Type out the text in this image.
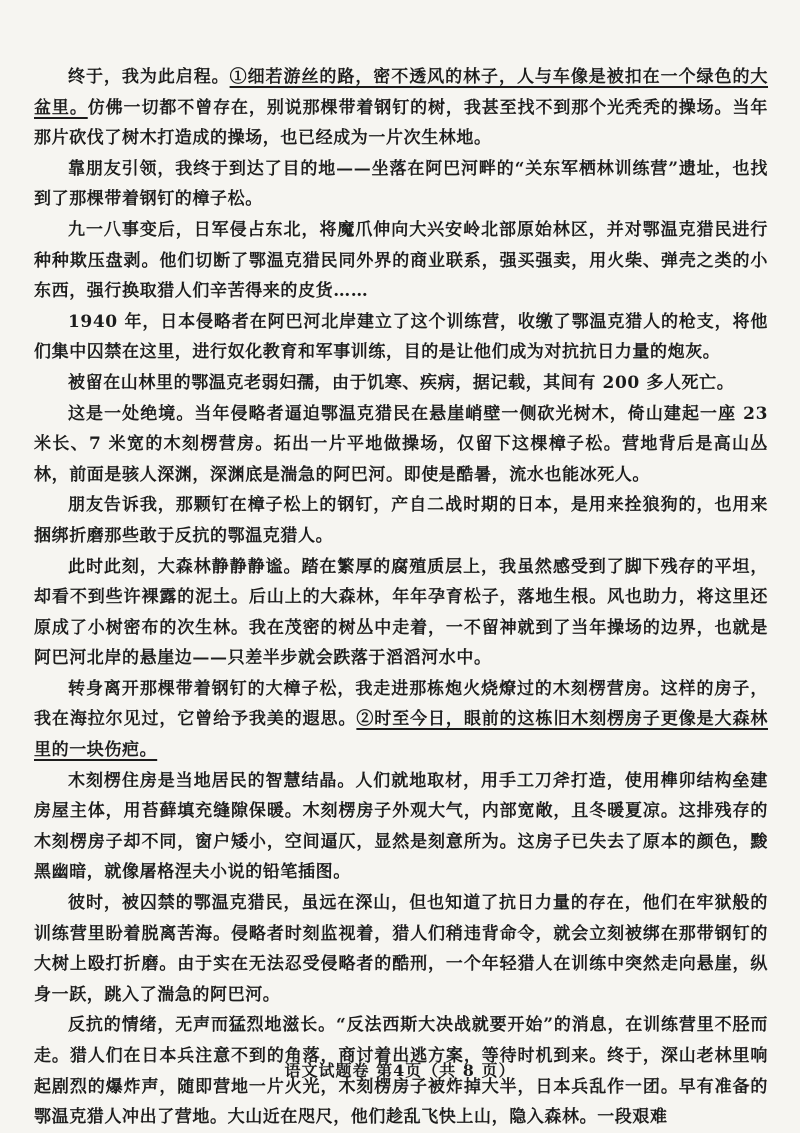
终于，我为此启程。①细若游丝的路，密不透风的林子，人与车像是被扣在一个绿色的大盆里。仿佛一切都不曾存在，别说那棵带着钢钉的树，我甚至找不到那个光秃秃的操场。当年那片砍伐了树木打造成的操场，也已经成为一片次生林地。

靠朋友引领，我终于到达了目的地——坐落在阿巴河畔的“关东军栖林训练营”遗址，也找到了那棵带着钢钉的樟子松。

九一八事变后，日军侵占东北，将魔爪伸向大兴安岭北部原始林区，并对鄂温克猎民进行种种欺压盘剥。他们切断了鄂温克猎民同外界的商业联系，强买强卖，用火柴、弹壳之类的小东西，强行换取猎人们辛苦得来的皮货……

1940 年，日本侵略者在阿巴河北岸建立了这个训练营，收缴了鄂温克猎人的枪支，将他们集中囚禁在这里，进行奴化教育和军事训练，目的是让他们成为对抗抗日力量的炮灰。

被留在山林里的鄂温克老弱妇孺，由于饥寒、疾病，据记载，其间有 200 多人死亡。

这是一处绝境。当年侵略者逼迫鄂温克猎民在悬崖峭壁一侧砍光树木，倚山建起一座 23 米长、7 米宽的木刻楞营房。拓出一片平地做操场，仅留下这棵樟子松。营地背后是高山丛林，前面是骇人深渊，深渊底是湍急的阿巴河。即使是酷暑，流水也能冰死人。

朋友告诉我，那颗钉在樟子松上的钢钉，产自二战时期的日本，是用来拴狼狗的，也用来捆绑折磨那些敢于反抗的鄂温克猎人。

此时此刻，大森林静静静谧。踏在繁厚的腐殖质层上，我虽然感受到了脚下残存的平坦，却看不到些许裸露的泥土。后山上的大森林，年年孕育松子，落地生根。风也助力，将这里还原成了小树密布的次生林。我在茂密的树丛中走着，一不留神就到了当年操场的边界，也就是阿巴河北岸的悬崖边——只差半步就会跌落于滔滔河水中。

转身离开那棵带着钢钉的大樟子松，我走进那栋炮火烧燎过的木刻楞营房。这样的房子，我在海拉尔见过，它曾给予我美的遐思。②时至今日，眼前的这栋旧木刻楞房子更像是大森林里的一块伤疤。

木刻楞住房是当地居民的智慧结晶。人们就地取材，用手工刀斧打造，使用榫卯结构垒建房屋主体，用苔藓填充缝隙保暖。木刻楞房子外观大气，内部宽敞，且冬暖夏凉。这排残存的木刻楞房子却不同，窗户矮小，空间逼仄，显然是刻意所为。这房子已失去了原本的颜色，黢黑幽暗，就像屠格涅夫小说的铅笔插图。

彼时，被囚禁的鄂温克猎民，虽远在深山，但也知道了抗日力量的存在，他们在牢狱般的训练营里盼着脱离苦海。侵略者时刻监视着，猎人们稍违背命令，就会立刻被绑在那带钢钉的大树上殴打折磨。由于实在无法忍受侵略者的酷刑，一个年轻猎人在训练中突然走向悬崖，纵身一跃，跳入了湍急的阿巴河。

反抗的情绪，无声而猛烈地滋长。“反法西斯大决战就要开始”的消息，在训练营里不胫而走。猎人们在日本兵注意不到的角落，商讨着出逃方案，等待时机到来。终于，深山老林里响起剧烈的爆炸声，随即营地一片火光，木刻楞房子被炸掉大半，日本兵乱作一团。早有准备的鄂温克猎人冲出了营地。大山近在咫尺，他们趁乱飞快上山，隐入森林。一段艰难

语文试题卷 第4页（共 8 页）
